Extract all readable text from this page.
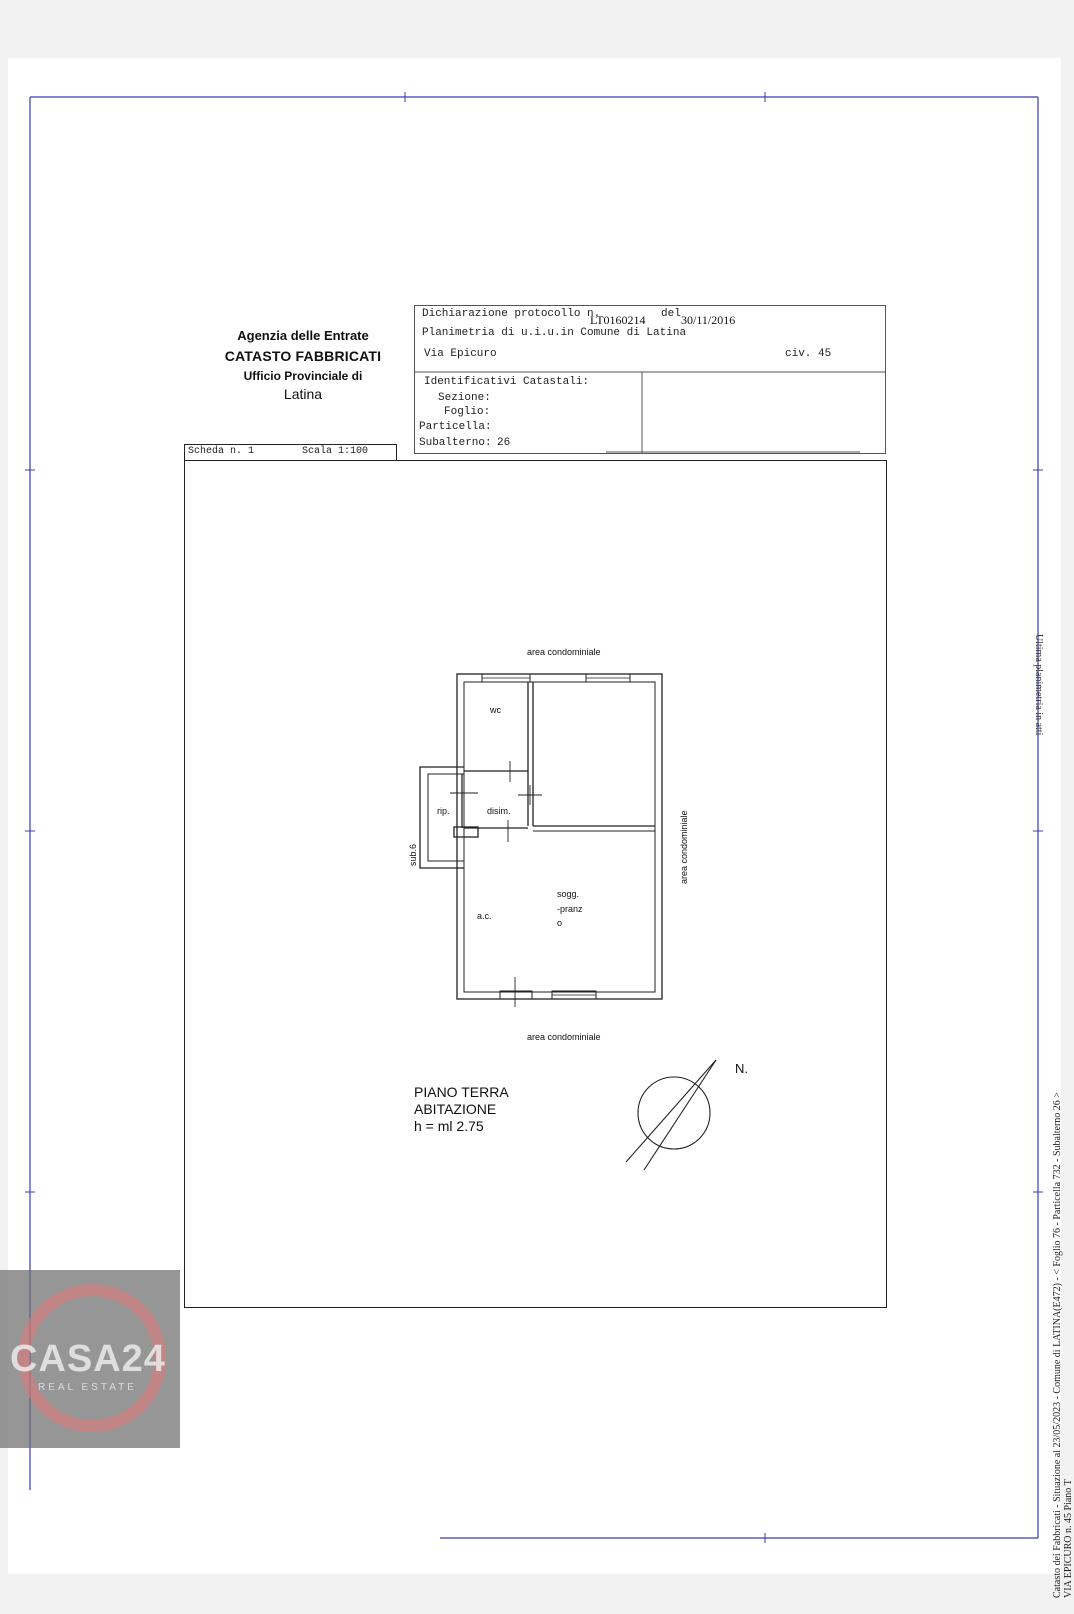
Agenzia delle Entrate
CATASTO FABBRICATI
Ufficio Provinciale di
Latina
Dichiarazione protocollo n.
LT0160214 del 30/11/2016
Planimetria di u.i.u.in Comune di Latina
Via Epicuro	civ. 45
Identificativi Catastali:
Sezione:
Foglio:
Particella:
Subalterno: 26
Scheda n. 1	Scala 1:100
area condominiale
area condominiale
area condominiale
sub.6
wc
rip.	disim.
a.c.
sogg.
-pranz
o
PIANO TERRA
ABITAZIONE
h = ml 2.75
N.
Ultima planimetria in atti
Catasto dei Fabbricati - Situazione al 23/05/2023 - Comune di LATINA(E472) - < Foglio 76 - Particella 732 - Subalterno 26 > VIA EPICURO n. 45 Piano T
CASA24
REAL ESTATE
